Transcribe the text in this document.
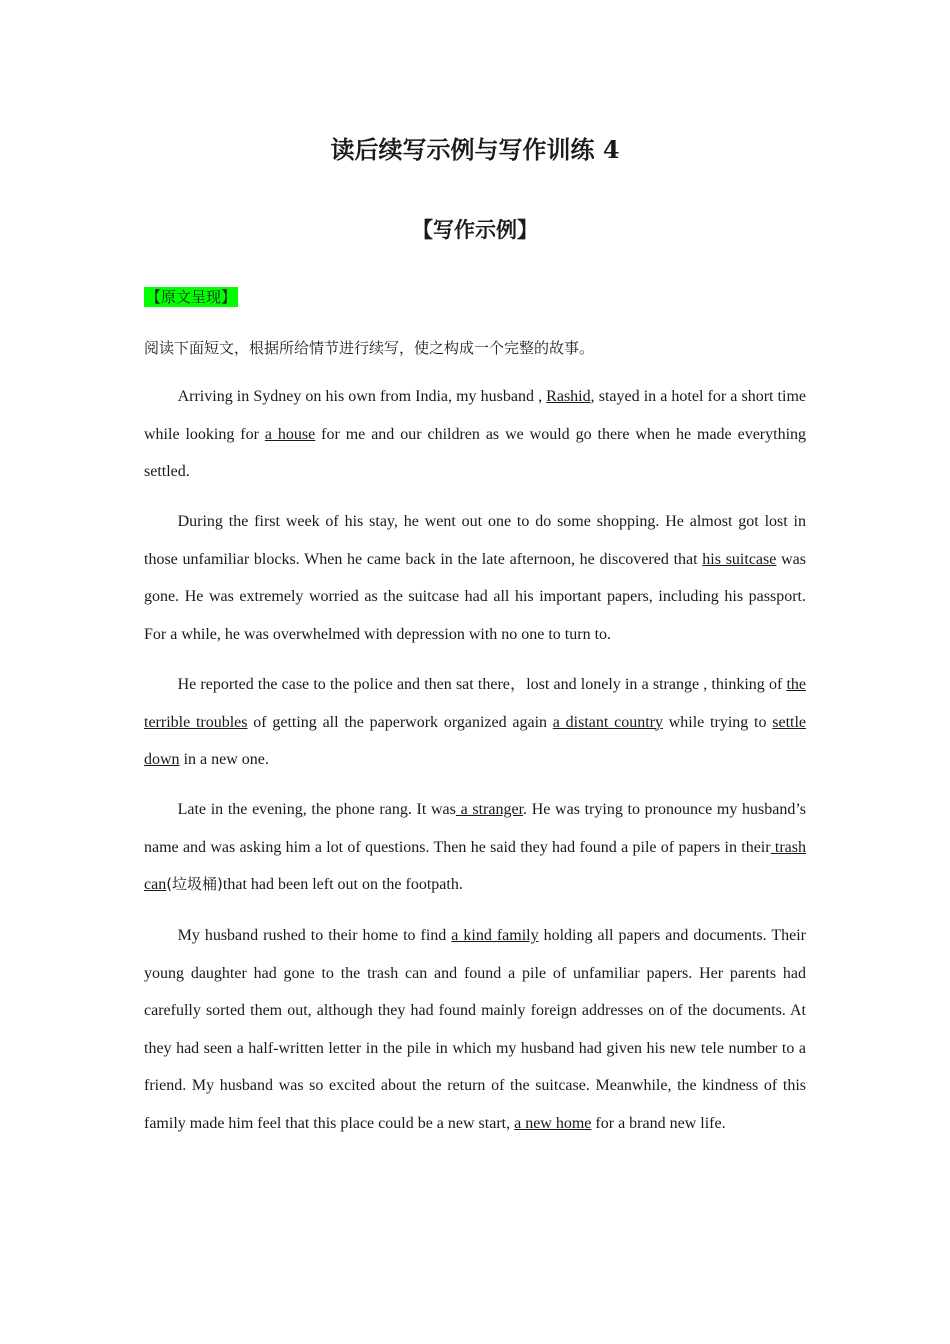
读后续写示例与写作训练 4
【写作示例】
【原文呈现】
阅读下面短文，根据所给情节进行续写，使之构成一个完整的故事。

Arriving in Sydney on his own from India, my husband , Rashid, stayed in a hotel for a short time while looking for a house for me and our children as we would go there when he made everything settled.

During the first week of his stay, he went out one to do some shopping. He almost got lost in those unfamiliar blocks. When he came back in the late afternoon, he discovered that his suitcase was gone. He was extremely worried as the suitcase had all his important papers, including his passport. For a while, he was overwhelmed with depression with no one to turn to.

He reported the case to the police and then sat there，lost and lonely in a strange , thinking of the terrible troubles of getting all the paperwork organized again a distant country while trying to settle down in a new one.

Late in the evening, the phone rang. It was a stranger. He was trying to pronounce my husband’s name and was asking him a lot of questions. Then he said they had found a pile of papers in their trash can(垃圾桶)that had been left out on the footpath.

My husband rushed to their home to find a kind family holding all papers and documents. Their young daughter had gone to the trash can and found a pile of unfamiliar papers. Her parents had carefully sorted them out, although they had found mainly foreign addresses on of the documents. At they had seen a half-written letter in the pile in which my husband had given his new tele number to a friend. My husband was so excited about the return of the suitcase. Meanwhile, the kindness of this family made him feel that this place could be a new start, a new home for a brand new life.
